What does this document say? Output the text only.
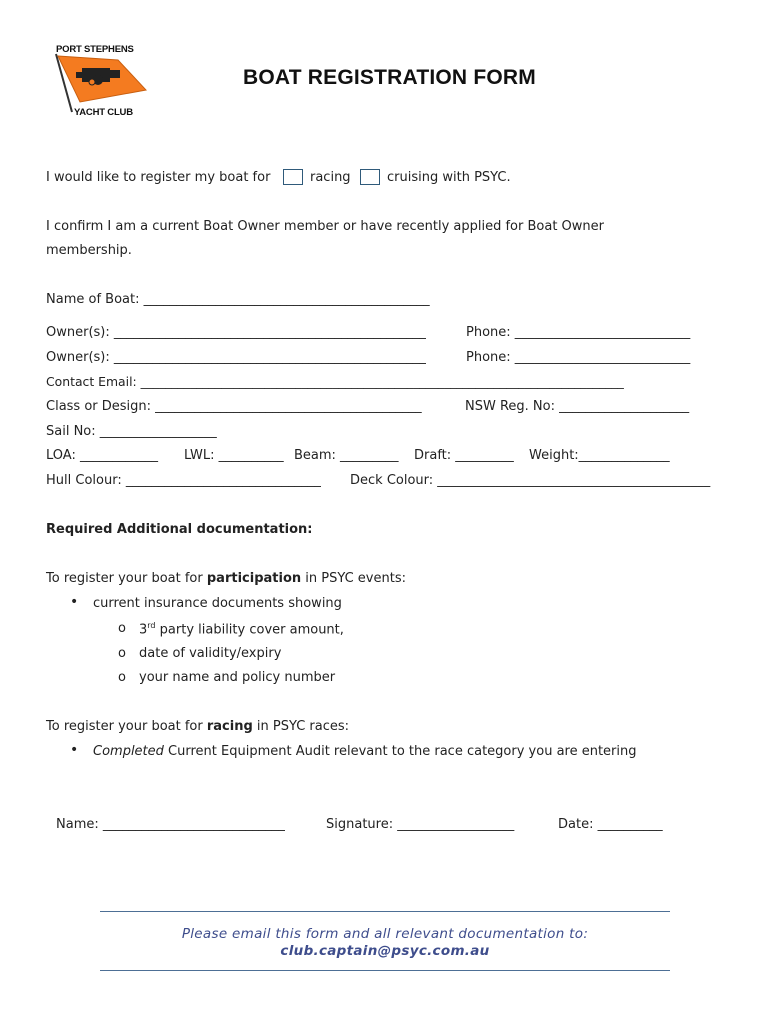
PORT STEPHENS
YACHT CLUB
BOAT REGISTRATION FORM
I would like to register my boat for	racing	cruising with PSYC.
I confirm I am a current Boat Owner member or have recently applied for Boat Owner
membership.
Name of Boat: ____________________________________________
Owner(s): ________________________________________________	Phone: ___________________________
Owner(s): ________________________________________________	Phone: ___________________________
Contact Email: ______________________________________________________________________________
Class or Design: _________________________________________	NSW Reg. No: ____________________
Sail No: __________________
LOA: ____________ LWL: __________ Beam: _________ Draft: _________ Weight:______________
Hull Colour: ______________________________ Deck Colour: __________________________________________
Required Additional documentation:
To register your boat for participation in PSYC events:
• current insurance documents showing
o 3rd party liability cover amount,
o date of validity/expiry
o your name and policy number
To register your boat for racing in PSYC races:
• Completed Current Equipment Audit relevant to the race category you are entering
Name: ____________________________	Signature: __________________	Date: __________
Please email this form and all relevant documentation to:
club.captain@psyc.com.au
